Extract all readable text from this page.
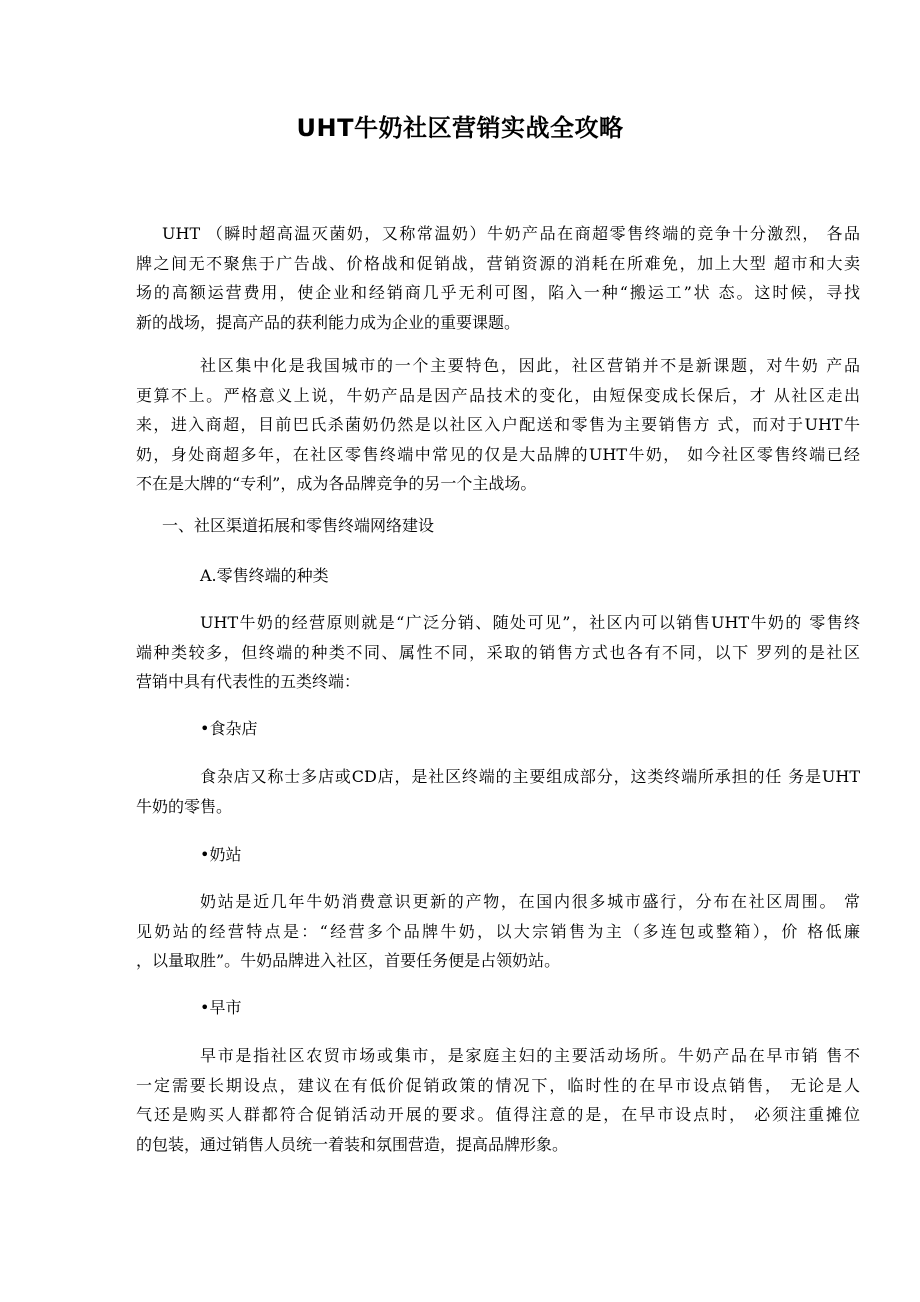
UHT牛奶社区营销实战全攻略
UHT （瞬时超高温灭菌奶，又称常温奶）牛奶产品在商超零售终端的竞争十分激烈， 各品
牌之间无不聚焦于广告战、价格战和促销战，营销资源的消耗在所难免，加上大型 超市和大卖
场的高额运营费用，使企业和经销商几乎无利可图，陷入一种“搬运工”状 态。这时候，寻找
新的战场，提高产品的获利能力成为企业的重要课题。
社区集中化是我国城市的一个主要特色，因此，社区营销并不是新课题，对牛奶 产品
更算不上。严格意义上说，牛奶产品是因产品技术的变化，由短保变成长保后，才 从社区走出
来，进入商超，目前巴氏杀菌奶仍然是以社区入户配送和零售为主要销售方 式，而对于UHT牛
奶，身处商超多年，在社区零售终端中常见的仅是大品牌的UHT牛奶， 如今社区零售终端已经
不在是大牌的“专利”，成为各品牌竞争的另一个主战场。
一、社区渠道拓展和零售终端网络建设
A.零售终端的种类
UHT牛奶的经营原则就是“广泛分销、随处可见”，社区内可以销售UHT牛奶的 零售终
端种类较多，但终端的种类不同、属性不同，采取的销售方式也各有不同，以下 罗列的是社区
营销中具有代表性的五类终端：
•食杂店
食杂店又称士多店或CD店，是社区终端的主要组成部分，这类终端所承担的任 务是UHT
牛奶的零售。
•奶站
奶站是近几年牛奶消费意识更新的产物，在国内很多城市盛行，分布在社区周围。 常
见奶站的经营特点是：“经营多个品牌牛奶，以大宗销售为主（多连包或整箱），价 格低廉
，以量取胜”。牛奶品牌进入社区，首要任务便是占领奶站。
•早市
早市是指社区农贸市场或集市，是家庭主妇的主要活动场所。牛奶产品在早市销 售不
一定需要长期设点，建议在有低价促销政策的情况下，临时性的在早市设点销售， 无论是人
气还是购买人群都符合促销活动开展的要求。值得注意的是，在早市设点时， 必须注重摊位
的包装，通过销售人员统一着装和氛围营造，提高品牌形象。
